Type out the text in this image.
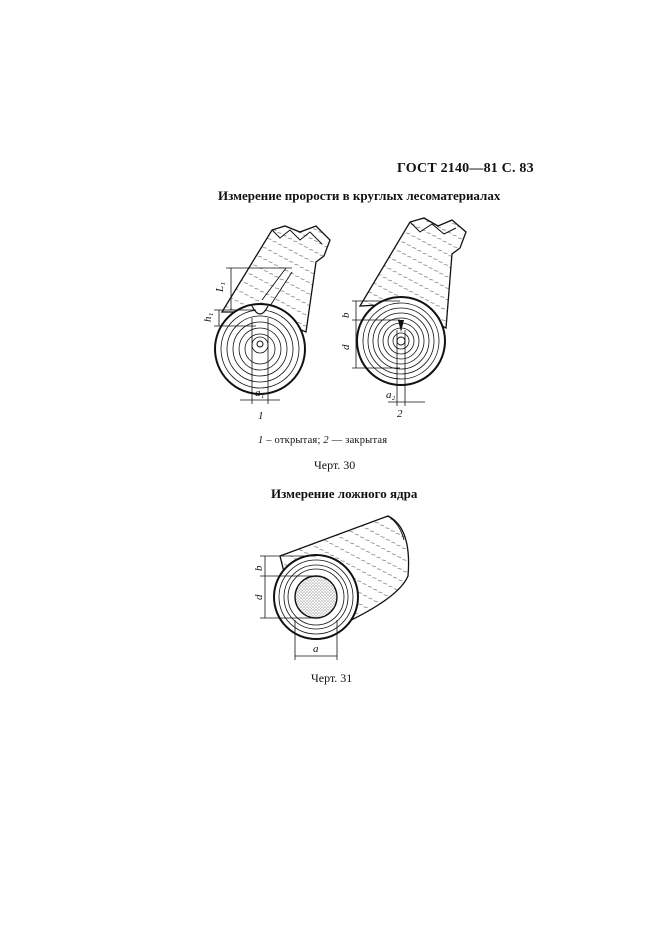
ГОСТ 2140—81 С. 83
Измерение прорости в круглых лесоматериалах
L₁
h₁
a₁
1
b
d
a₂
2
b
d
a
1 – открытая; 2 — закрытая
Черт. 30
Измерение ложного ядра
Черт. 31
